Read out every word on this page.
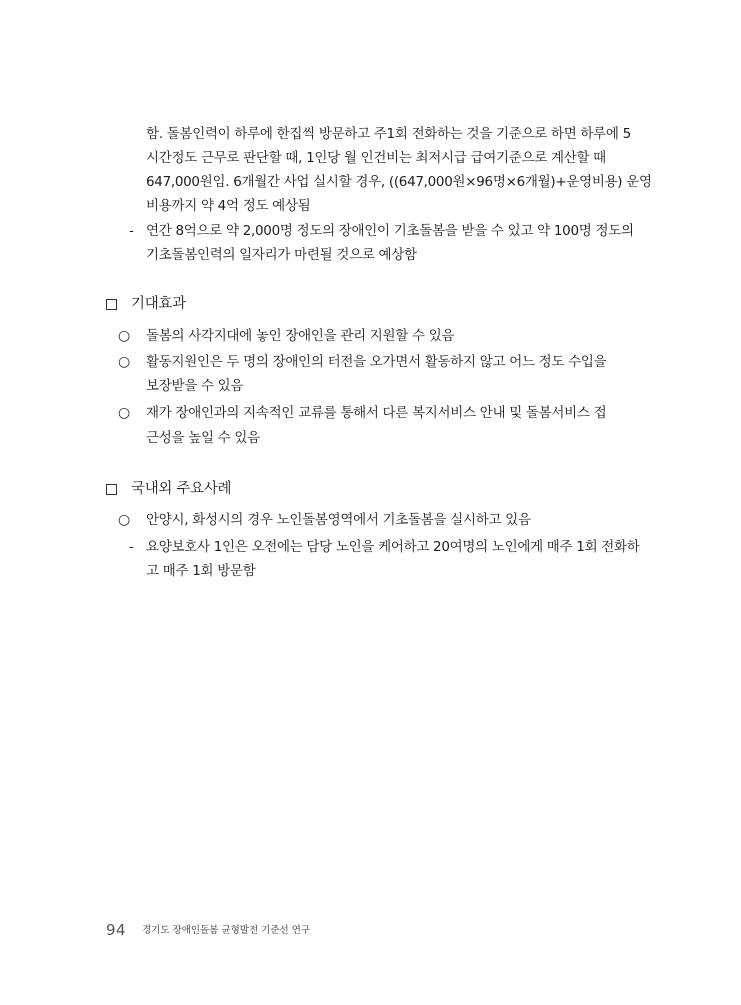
함. 돌봄인력이 하루에 한집씩 방문하고 주1회 전화하는 것을 기준으로 하면 하루에 5
시간정도 근무로 판단할 때, 1인당 월 인건비는 최저시급 급여기준으로 계산할 때
647,000원임. 6개월간 사업 실시할 경우, ((647,000원×96명×6개월)+운영비용) 운영
비용까지 약 4억 정도 예상됨
- 연간 8억으로 약 2,000명 정도의 장애인이 기초돌봄을 받을 수 있고 약 100명 정도의
기초돌봄인력의 일자리가 마련될 것으로 예상함
기대효과
○ 돌봄의 사각지대에 놓인 장애인을 관리 지원할 수 있음
○ 활동지원인은 두 명의 장애인의 터전을 오가면서 활동하지 않고 어느 정도 수입을
보장받을 수 있음
○ 재가 장애인과의 지속적인 교류를 통해서 다른 복지서비스 안내 및 돌봄서비스 접
근성을 높일 수 있음
국내외 주요사례
○ 안양시, 화성시의 경우 노인돌봄영역에서 기초돌봄을 실시하고 있음
- 요양보호사 1인은 오전에는 담당 노인을 케어하고 20여명의 노인에게 매주 1회 전화하
고 매주 1회 방문함
94 경기도 장애인돌봄 균형발전 기준선 연구
